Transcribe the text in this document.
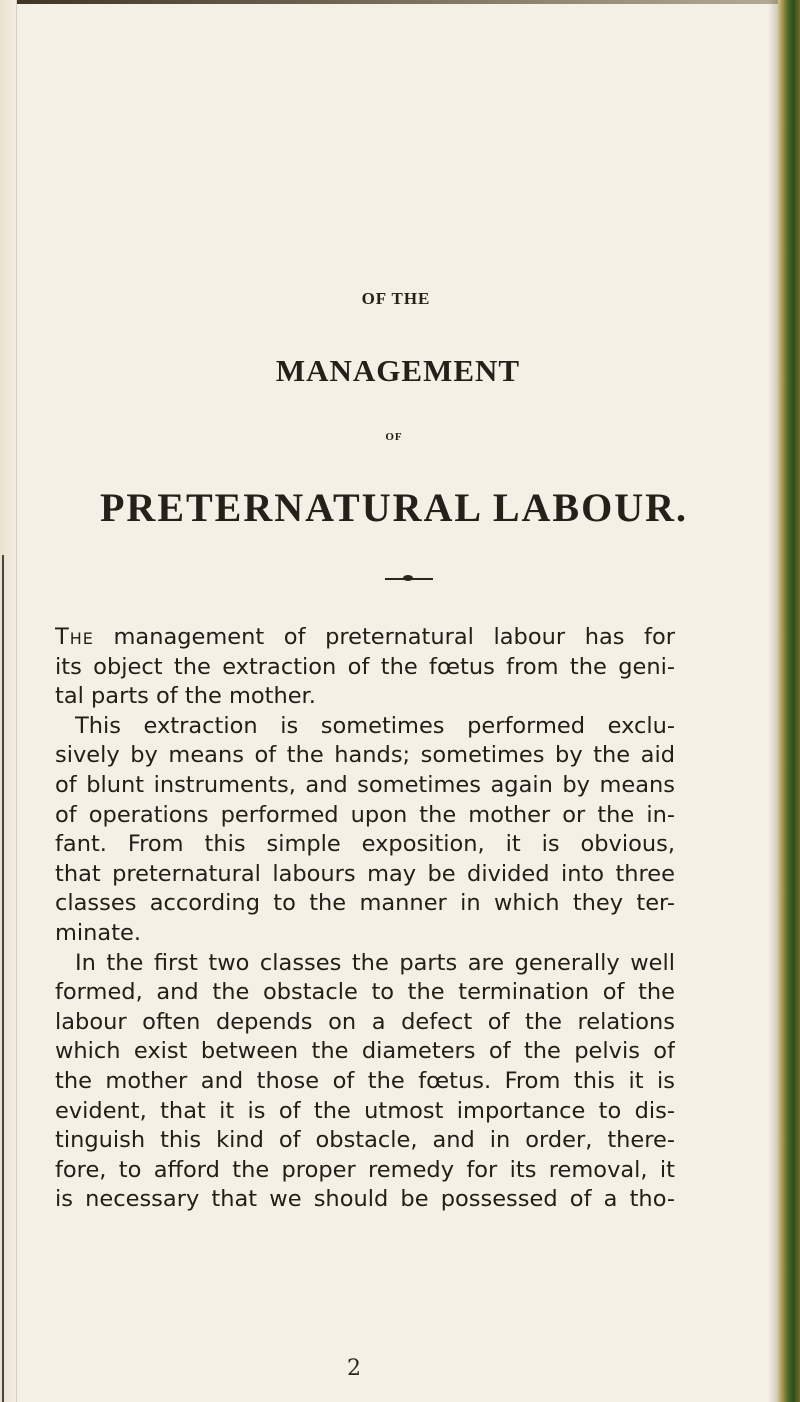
OF THE
MANAGEMENT
OF
PRETERNATURAL LABOUR.
The management of preternatural labour has for
its object the extraction of the fœtus from the geni-
tal parts of the mother.
This extraction is sometimes performed exclu-
sively by means of the hands; sometimes by the aid
of blunt instruments, and sometimes again by means
of operations performed upon the mother or the in-
fant. From this simple exposition, it is obvious,
that preternatural labours may be divided into three
classes according to the manner in which they ter-
minate.
In the first two classes the parts are generally well
formed, and the obstacle to the termination of the
labour often depends on a defect of the relations
which exist between the diameters of the pelvis of
the mother and those of the fœtus. From this it is
evident, that it is of the utmost importance to dis-
tinguish this kind of obstacle, and in order, there-
fore, to afford the proper remedy for its removal, it
is necessary that we should be possessed of a tho-
2
